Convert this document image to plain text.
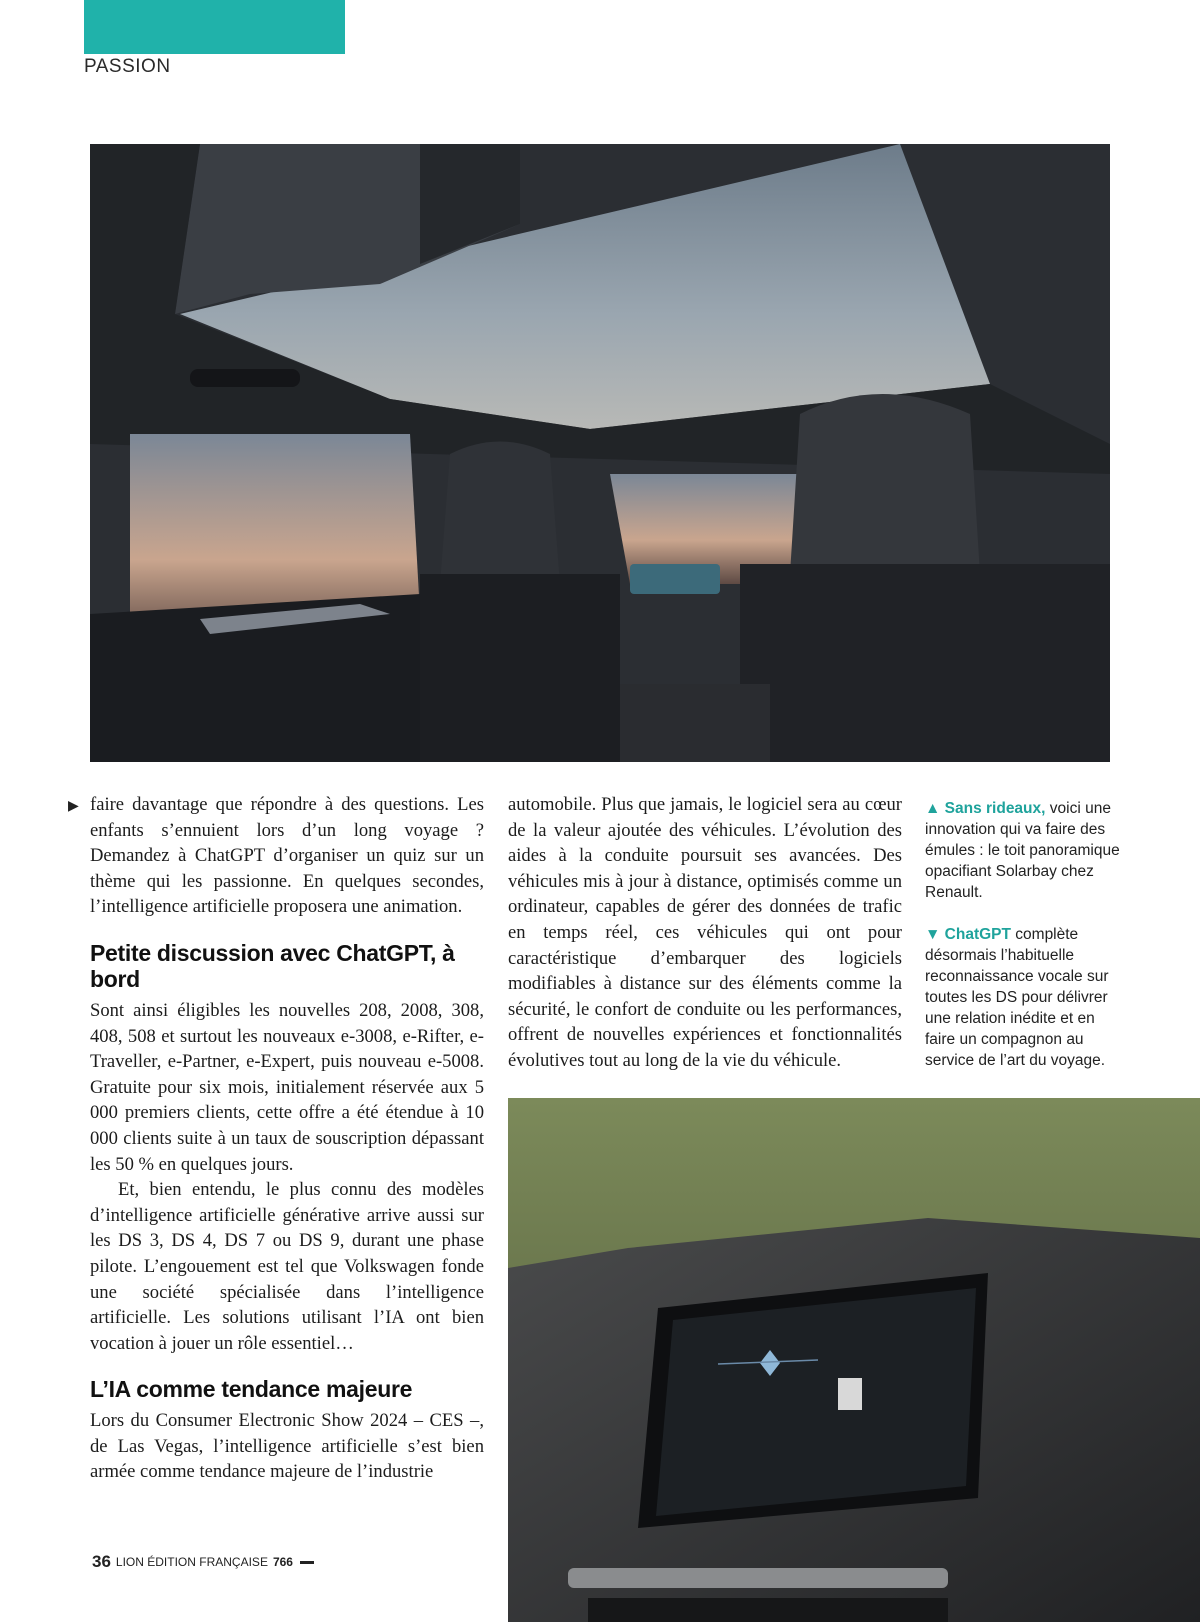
PASSION
▶ faire davantage que répondre à des questions. Les enfants s’ennuient lors d’un long voyage ? Demandez à ChatGPT d’organiser un quiz sur un thème qui les passionne. En quelques secondes, l’intelligence artificielle proposera une animation.

Petite discussion avec ChatGPT, à bord

Sont ainsi éligibles les nouvelles 208, 2008, 308, 408, 508 et surtout les nouveaux e-3008, e-Rifter, e-Traveller, e-Partner, e-Expert, puis nouveau e-5008. Gratuite pour six mois, initialement réservée aux 5 000 premiers clients, cette offre a été étendue à 10 000 clients suite à un taux de souscription dépassant les 50 % en quelques jours.

Et, bien entendu, le plus connu des modèles d’intelligence artificielle générative arrive aussi sur les DS 3, DS 4, DS 7 ou DS 9, durant une phase pilote. L’engouement est tel que Volkswagen fonde une société spécialisée dans l’intelligence artificielle. Les solutions utilisant l’IA ont bien vocation à jouer un rôle essentiel…

L’IA comme tendance majeure

Lors du Consumer Electronic Show 2024 – CES –, de Las Vegas, l’intelligence artificielle s’est bien armée comme tendance majeure de l’industrie

automobile. Plus que jamais, le logiciel sera au cœur de la valeur ajoutée des véhicules. L’évolution des aides à la conduite poursuit ses avancées. Des véhicules mis à jour à distance, optimisés comme un ordinateur, capables de gérer des données de trafic en temps réel, ces véhicules qui ont pour caractéristique d’embarquer des logiciels modifiables à distance sur des éléments comme la sécurité, le confort de conduite ou les performances, offrent de nouvelles expériences et fonctionnalités évolutives tout au long de la vie du véhicule.

▲ Sans rideaux, voici une innovation qui va faire des émules : le toit panoramique opacifiant Solarbay chez Renault.
▼ ChatGPT complète désormais l’habituelle reconnaissance vocale sur toutes les DS pour délivrer une relation inédite et en faire un compagnon au service de l’art du voyage.
36 LION ÉDITION FRANÇAISE 766
